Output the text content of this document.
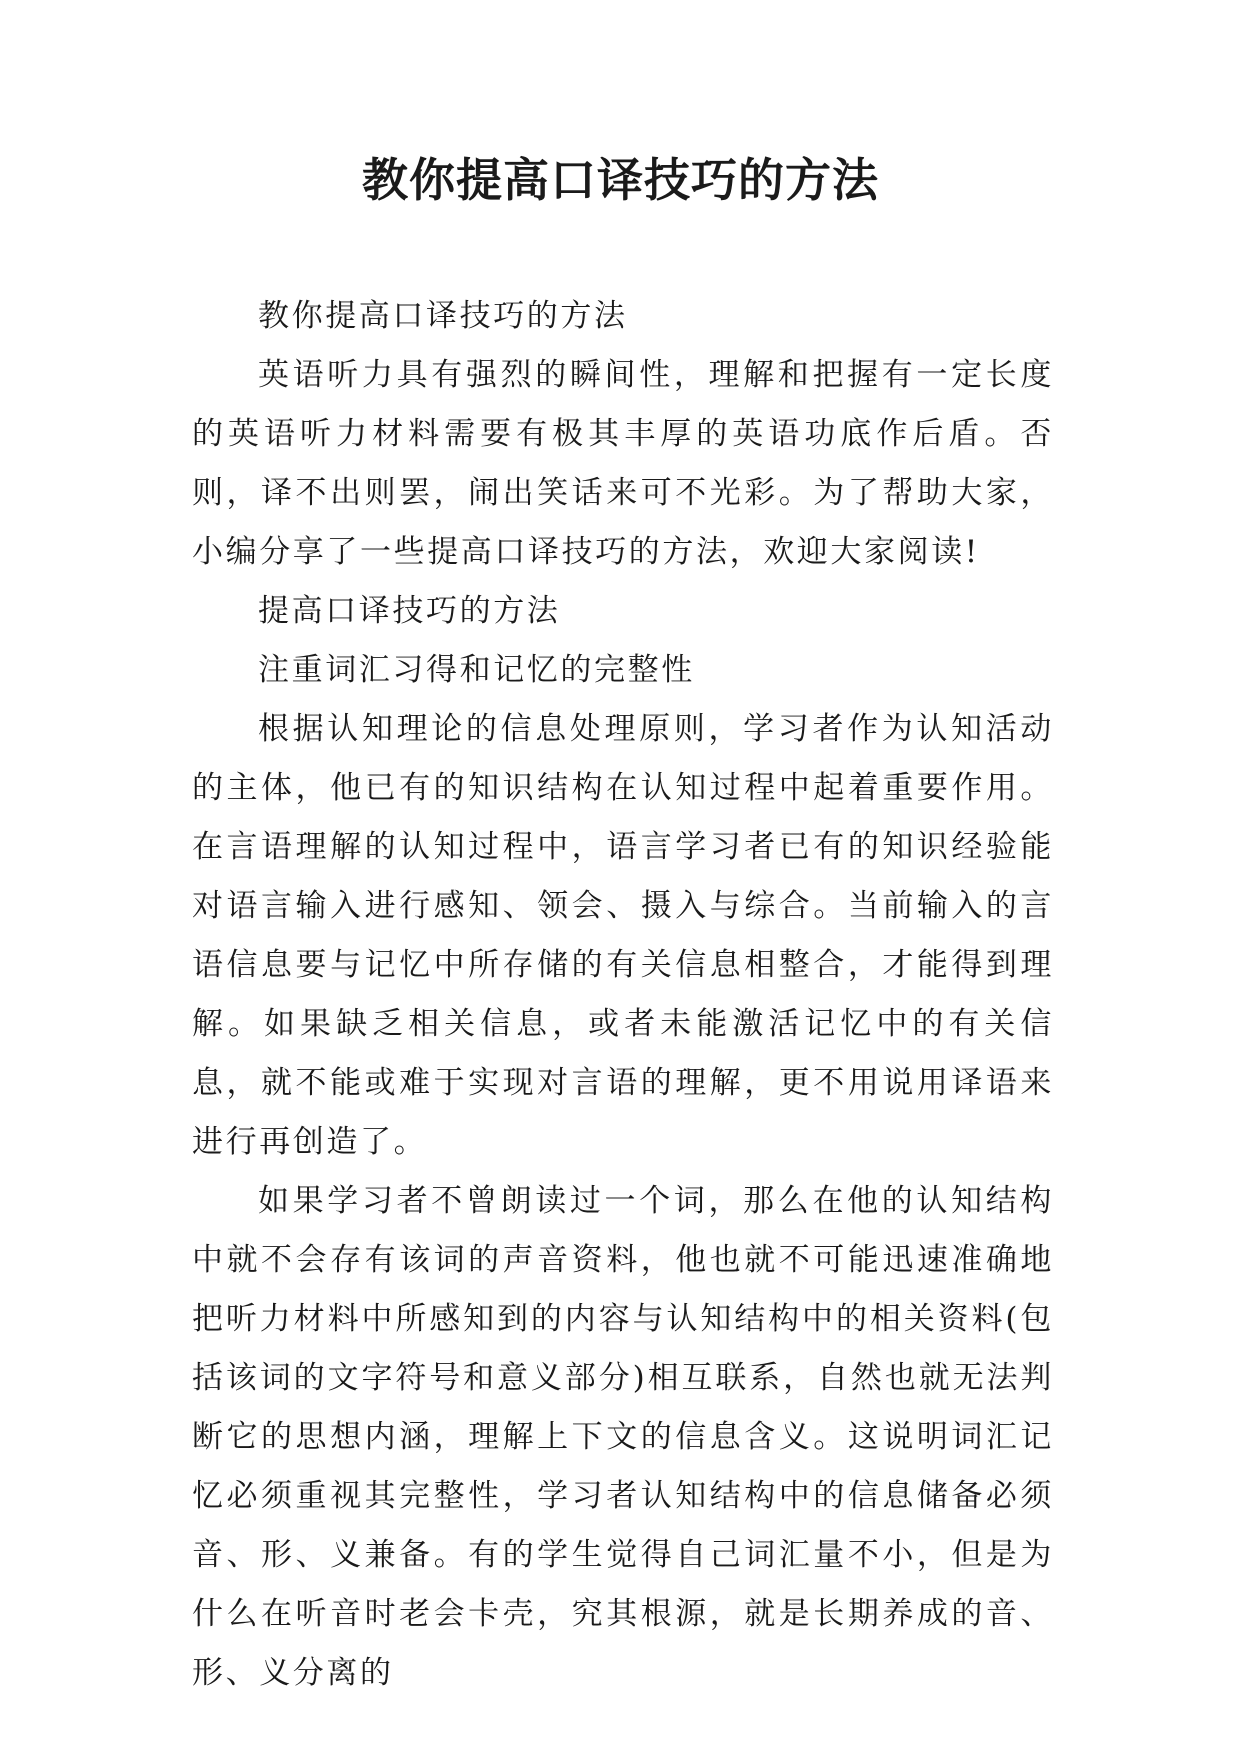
教你提高口译技巧的方法

教你提高口译技巧的方法

英语听力具有强烈的瞬间性，理解和把握有一定长度的英语听力材料需要有极其丰厚的英语功底作后盾。否则，译不出则罢，闹出笑话来可不光彩。为了帮助大家，小编分享了一些提高口译技巧的方法，欢迎大家阅读!

提高口译技巧的方法

注重词汇习得和记忆的完整性

根据认知理论的信息处理原则，学习者作为认知活动的主体，他已有的知识结构在认知过程中起着重要作用。在言语理解的认知过程中，语言学习者已有的知识经验能对语言输入进行感知、领会、摄入与综合。当前输入的言语信息要与记忆中所存储的有关信息相整合，才能得到理解。如果缺乏相关信息，或者未能激活记忆中的有关信息，就不能或难于实现对言语的理解，更不用说用译语来进行再创造了。

如果学习者不曾朗读过一个词，那么在他的认知结构中就不会存有该词的声音资料，他也就不可能迅速准确地把听力材料中所感知到的内容与认知结构中的相关资料(包括该词的文字符号和意义部分)相互联系，自然也就无法判断它的思想内涵，理解上下文的信息含义。这说明词汇记忆必须重视其完整性，学习者认知结构中的信息储备必须音、形、义兼备。有的学生觉得自己词汇量不小，但是为什么在听音时老会卡壳，究其根源，就是长期养成的音、形、义分离的
